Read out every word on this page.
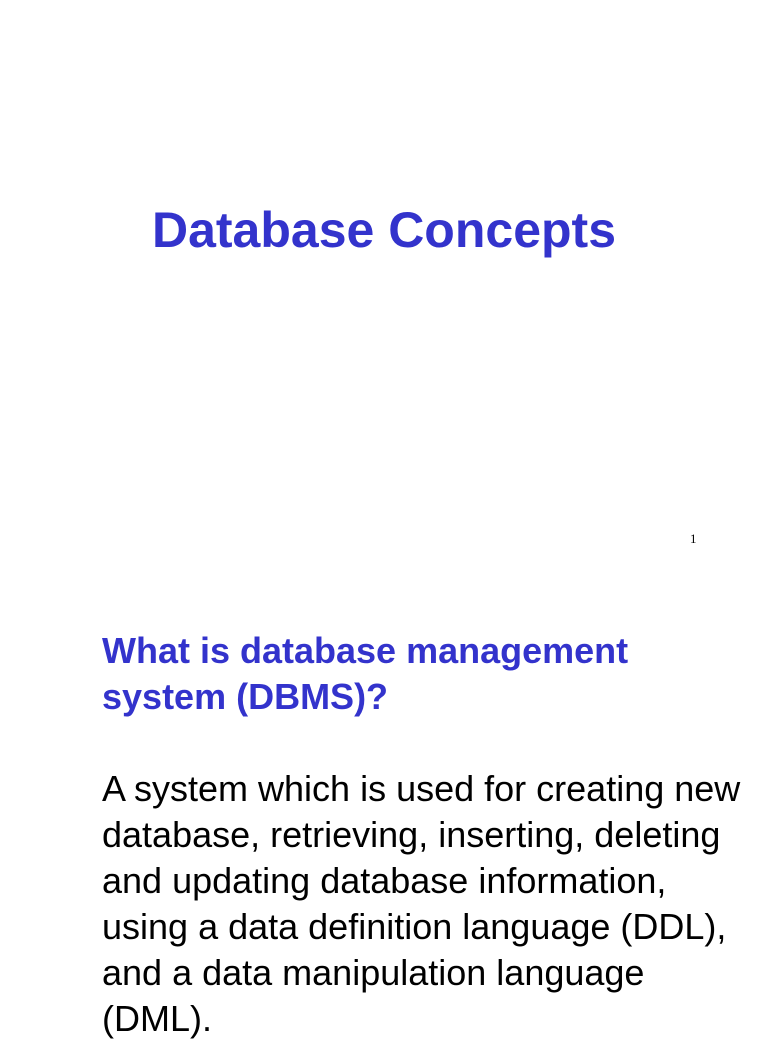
Database Concepts
1
What is database management system (DBMS)?

A system which is used for creating new database, retrieving, inserting, deleting and updating database information, using a data definition language (DDL), and a data manipulation language (DML).
